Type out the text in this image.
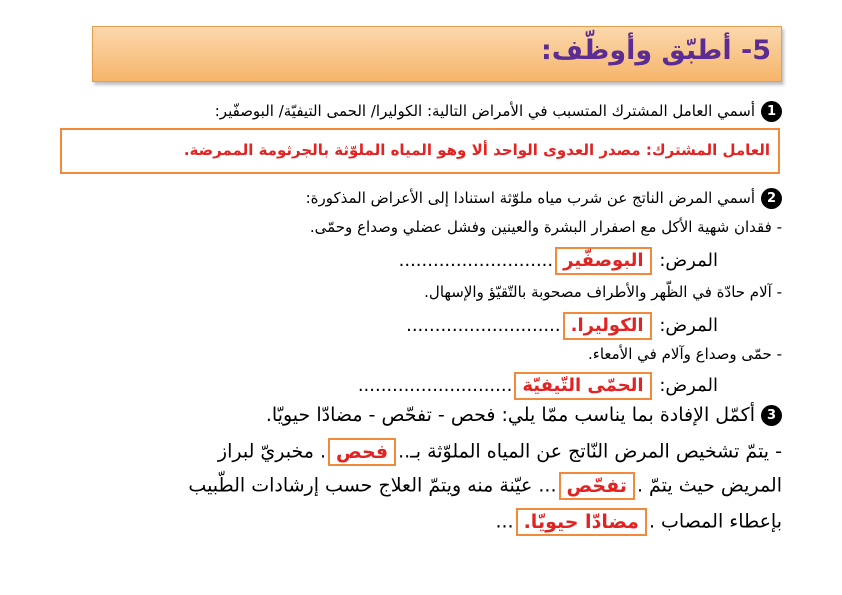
5- أطبّق وأوظّف:
1أسمي العامل المشترك المتسبب في الأمراض التالية: الكوليرا/ الحمى التيفيّة/ البوصفّير:
العامل المشترك: مصدر العدوى الواحد ألا وهو المياه الملوّثة بالجرثومة الممرضة.
2أسمي المرض الناتج عن شرب مياه ملوّثة استنادا إلى الأعراض المذكورة:
- فقدان شهية الأكل مع اصفرار البشرة والعينين وفشل عضلي وصداع وحمّى.
المرض: البوصفّير...........................
- آلام حادّة في الظّهر والأطراف مصحوبة بالتّقيّؤ والإسهال.
المرض: الكوليرا............................
- حمّى وصداع وآلام في الأمعاء.
المرض: الحمّى التّيفيّة...........................
3أكمّل الإفادة بما يناسب ممّا يلي: فحص - تفحّص - مضادّا حيويّا.
- يتمّ تشخيص المرض النّاتج عن المياه الملوّثة بـ..فحص. مخبريّ لبراز
المريض حيث يتمّ .تفحّص... عيّنة منه ويتمّ العلاج حسب إرشادات الطّبيب
بإعطاء المصاب .مضادّا حيويّا....
